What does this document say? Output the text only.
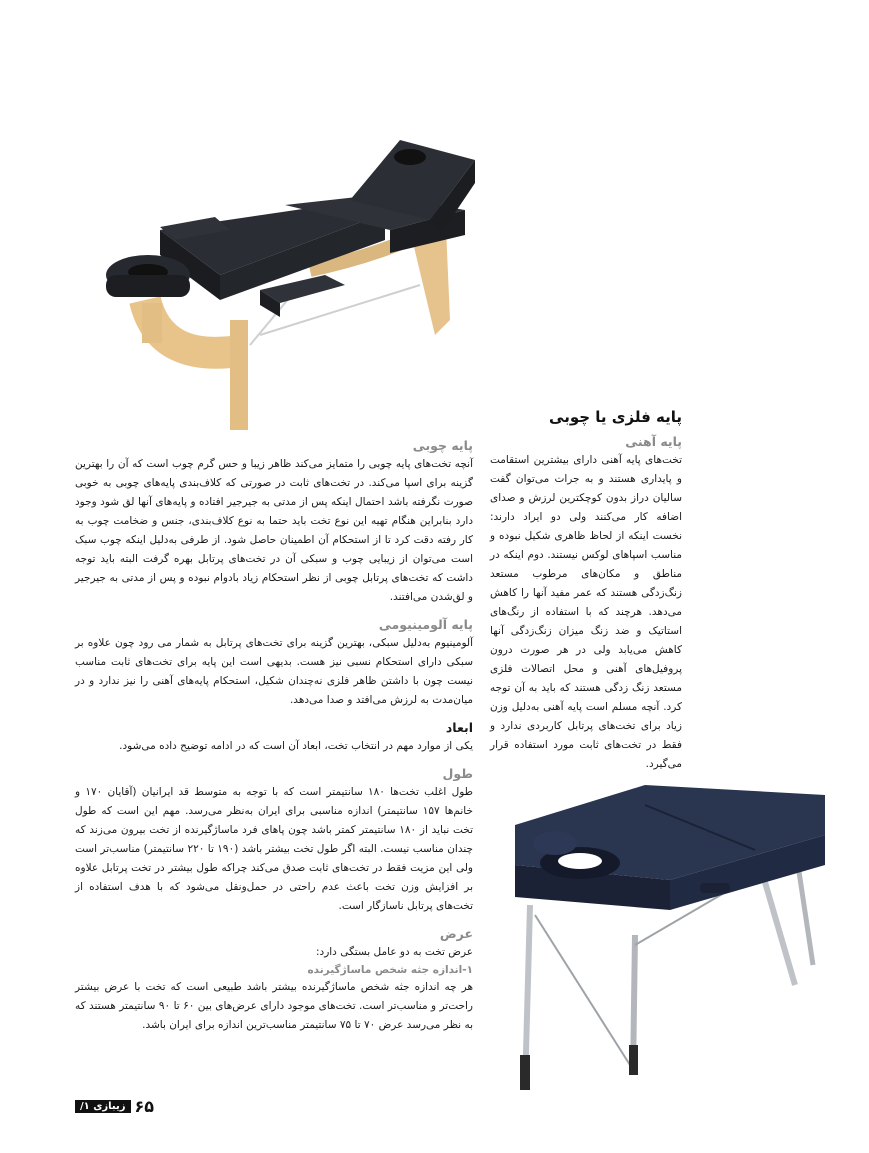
پایه فلزی یا چوبی
پایه آهنی

تخت‌های پایه آهنی دارای بیشترین استقامت و پایداری هستند و به جرات می‌توان گفت سالیان دراز بدون کوچکترین لرزش و صدای اضافه کار می‌کنند ولی دو ایراد دارند: نخست اینکه از لحاظ ظاهری شکیل نبوده و مناسب اسپاهای لوکس نیستند. دوم اینکه در مناطق و مکان‌های مرطوب مستعد زنگ‌زدگی هستند که عمر مفید آنها را کاهش می‌دهد. هرچند که با استفاده از رنگ‌های استاتیک و ضد زنگ میزان زنگ‌زدگی آنها کاهش می‌یابد ولی در هر صورت درون پروفیل‌های آهنی و محل اتصالات فلزی مستعد زنگ زدگی هستند که باید به آن توجه کرد. آنچه مسلم است پایه آهنی به‌دلیل وزن زیاد برای تخت‌های پرتابل کاربردی ندارد و فقط در تخت‌های ثابت مورد استفاده قرار می‌گیرد.

پایه چوبی

آنچه تخت‌های پایه چوبی را متمایز می‌کند ظاهر زیبا و حس گرم چوب است که آن را بهترین گزینه برای اسپا می‌کند. در تخت‌های ثابت در صورتی که کلاف‌بندی پایه‌های چوبی به خوبی صورت نگرفته باشد احتمال اینکه پس از مدتی به جیرجیر افتاده و پایه‌های آنها لق شود وجود دارد بنابراین هنگام تهیه این نوع تخت باید حتما به نوع کلاف‌بندی، جنس و ضخامت چوب به کار رفته دقت کرد تا از استحکام آن اطمینان حاصل شود. از طرفی به‌دلیل اینکه چوب سبک است می‌توان از زیبایی چوب و سبکی آن در تخت‌های پرتابل بهره گرفت البته باید توجه داشت که تخت‌های پرتابل چوبی از نظر استحکام زیاد بادوام نبوده و پس از مدتی به جیرجیر و لق‌شدن می‌افتند.

پایه آلومینیومی

آلومینیوم به‌دلیل سبکی، بهترین گزینه برای تخت‌های پرتابل به شمار می رود چون علاوه بر سبکی دارای استحکام نسبی نیز هست. بدیهی است این پایه برای تخت‌های ثابت مناسب نیست چون با داشتن ظاهر فلزی نه‌چندان شکیل، استحکام پایه‌های آهنی را نیز ندارد و در میان‌مدت به لرزش می‌افتد و صدا می‌دهد.

ابعاد

یکی از موارد مهم در انتخاب تخت، ابعاد آن است که در ادامه توضیح داده می‌شود.

طول

طول اغلب تخت‌ها ۱۸۰ سانتیمتر است که با توجه به متوسط قد ایرانیان (آقایان ۱۷۰ و خانم‌ها ۱۵۷ سانتیمتر) اندازه مناسبی برای ایران به‌نظر می‌رسد. مهم این است که طول تخت نباید از ۱۸۰ سانتیمتر کمتر باشد چون پاهای فرد ماساژگیرنده از تخت بیرون می‌زند که چندان مناسب نیست. البته اگر طول تخت بیشتر باشد (۱۹۰ تا ۲۲۰ سانتیمتر) مناسب‌تر است ولی این مزیت فقط در تخت‌های ثابت صدق می‌کند چراکه طول بیشتر در تخت پرتابل علاوه بر افزایش وزن تخت باعث عدم راحتی در حمل‌ونقل می‌شود که با هدف استفاده از تخت‌های پرتابل ناسازگار است.

عرض

عرض تخت به دو عامل بستگی دارد:

۱-اندازه جثه شخص ماساژگیرنده

هر چه اندازه جثه شخص ماساژگیرنده بیشتر باشد طبیعی است که تخت با عرض بیشتر راحت‌تر و مناسب‌تر است. تخت‌های موجود دارای عرض‌های بین ۶۰ تا ۹۰ سانتیمتر هستند که به نظر می‌رسد عرض ۷۰ تا ۷۵ سانتیمتر مناسب‌ترین اندازه برای ایران باشد.

۶۵
زیبازی ۱/
